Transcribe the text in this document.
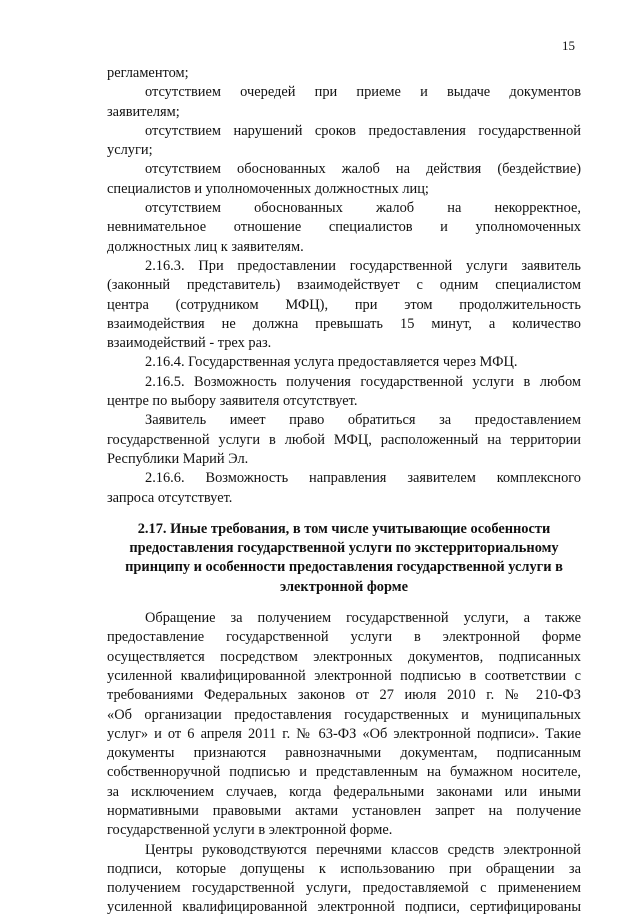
15
регламентом;
отсутствием очередей при приеме и выдаче документов
заявителям;
отсутствием нарушений сроков предоставления государственной
услуги;
отсутствием обоснованных жалоб на действия (бездействие)
специалистов и уполномоченных должностных лиц;
отсутствием обоснованных жалоб на некорректное,
невнимательное отношение специалистов и уполномоченных
должностных лиц к заявителям.
2.16.3. При предоставлении государственной услуги заявитель
(законный представитель) взаимодействует с одним специалистом
центра (сотрудником МФЦ), при этом продолжительность
взаимодействия не должна превышать 15 минут, а количество
взаимодействий - трех раз.
2.16.4. Государственная услуга предоставляется через МФЦ.
2.16.5. Возможность получения государственной услуги в любом
центре по выбору заявителя отсутствует.
Заявитель имеет право обратиться за предоставлением
государственной услуги в любой МФЦ, расположенный на территории
Республики Марий Эл.
2.16.6. Возможность направления заявителем комплексного
запроса отсутствует.
2.17. Иные требования, в том числе учитывающие особенности
предоставления государственной услуги по экстерриториальному
принципу и особенности предоставления государственной услуги в
электронной форме
Обращение за получением государственной услуги, а также
предоставление государственной услуги в электронной форме
осуществляется посредством электронных документов, подписанных
усиленной квалифицированной электронной подписью в соответствии с
требованиями Федеральных законов от 27 июля 2010 г. № 210-ФЗ
«Об организации предоставления государственных и муниципальных
услуг» и от 6 апреля 2011 г. № 63-ФЗ «Об электронной подписи». Такие
документы признаются равнозначными документам, подписанным
собственноручной подписью и представленным на бумажном носителе,
за исключением случаев, когда федеральными законами или иными
нормативными правовыми актами установлен запрет на получение
государственной услуги в электронной форме.
Центры руководствуются перечнями классов средств электронной
подписи, которые допущены к использованию при обращении за
получением государственной услуги, предоставляемой с применением
усиленной квалифицированной электронной подписи, сертифицированы
